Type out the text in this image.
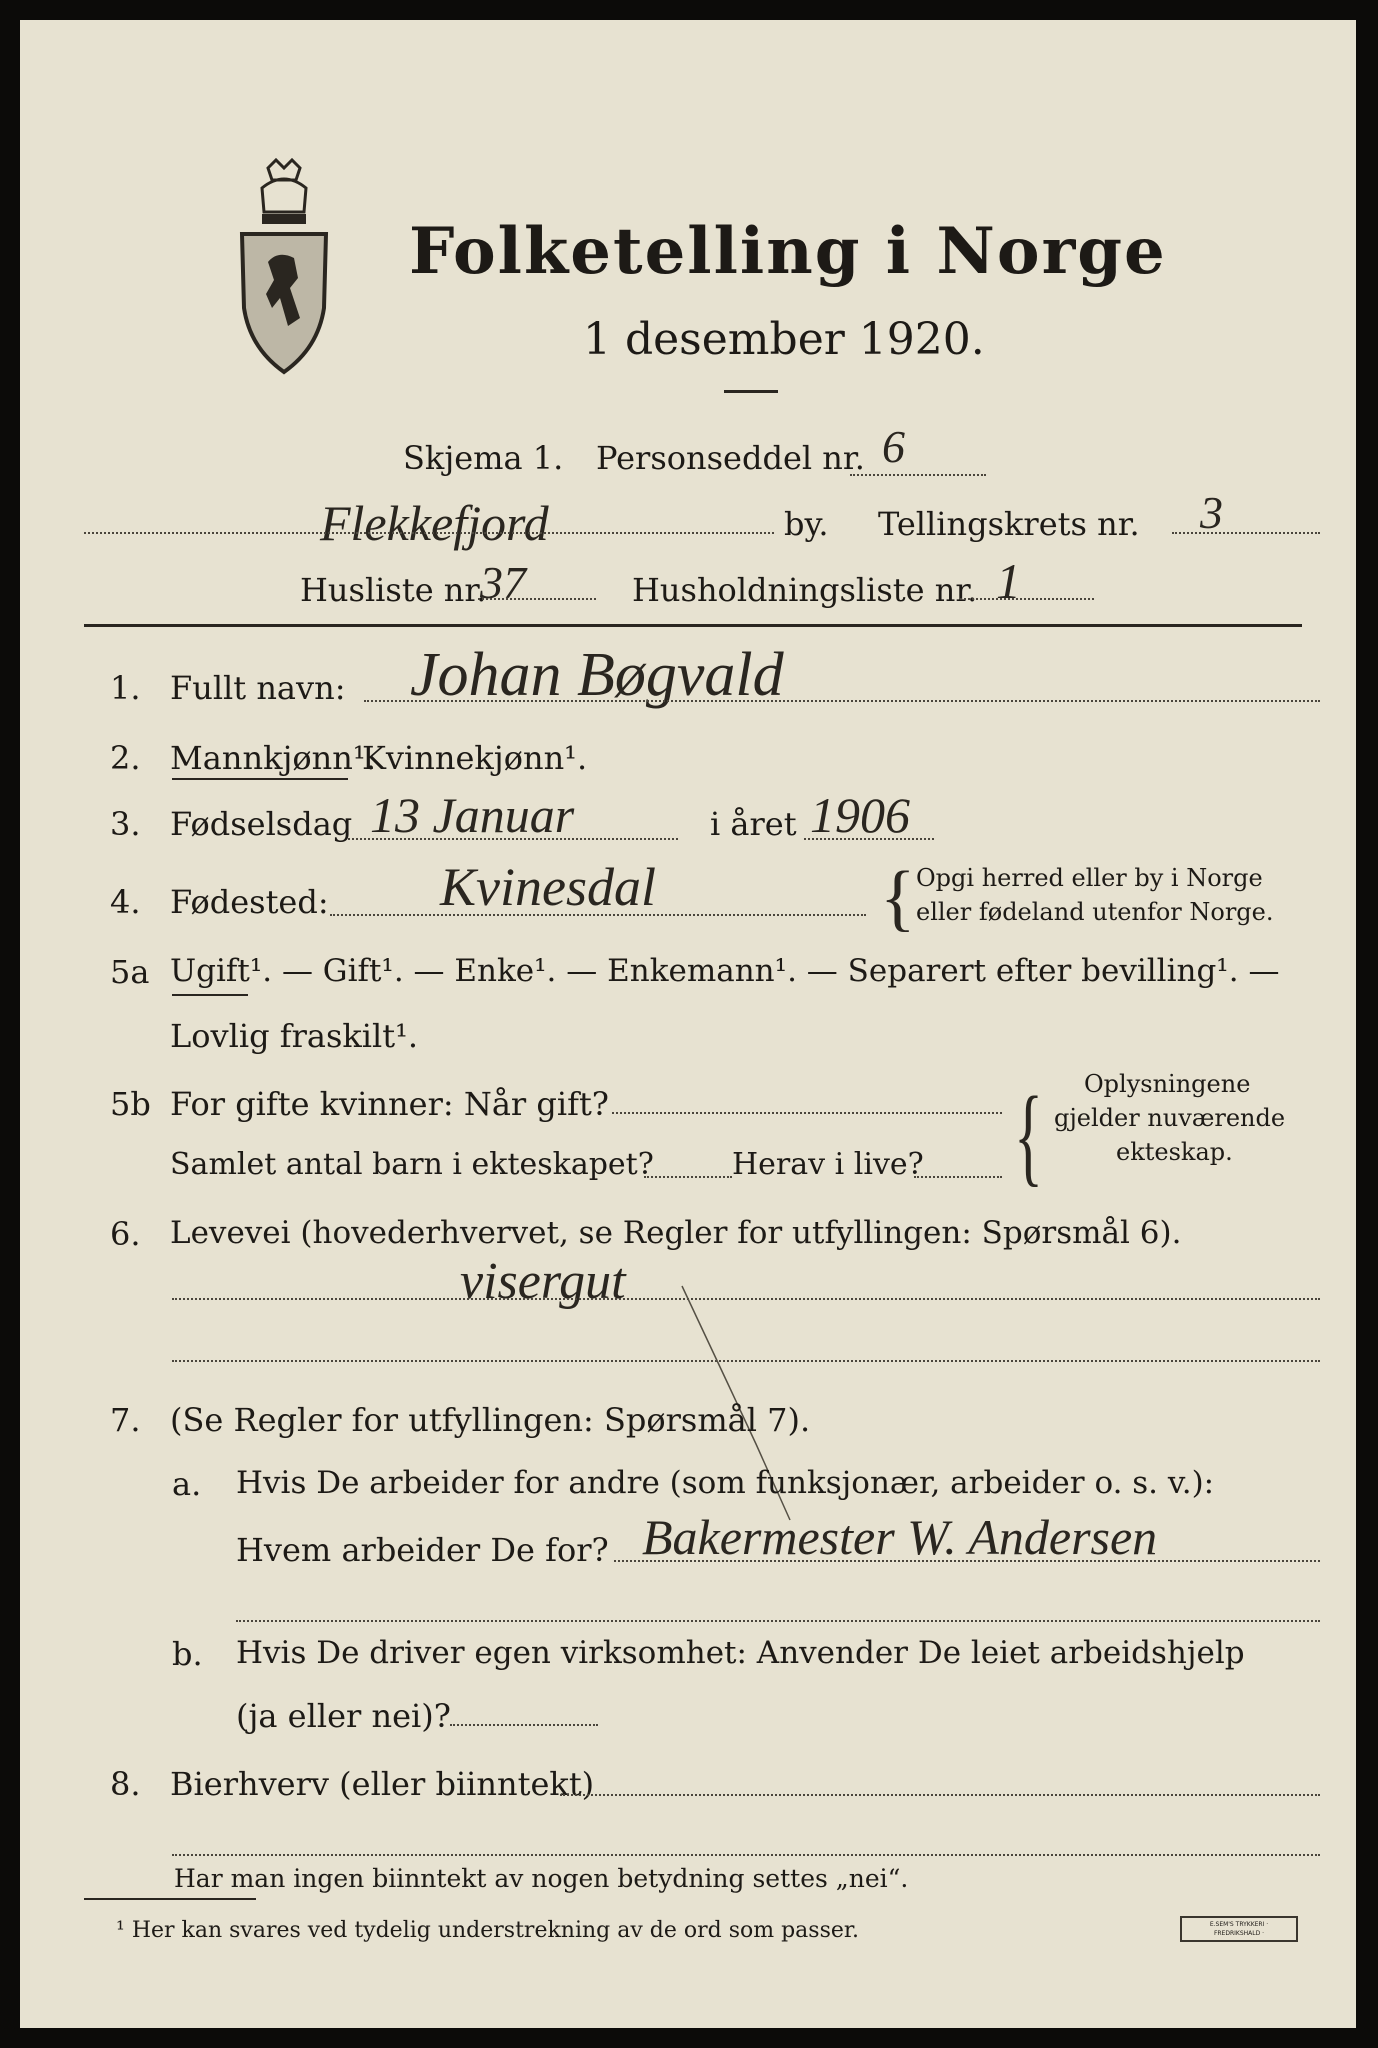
Folketelling i Norge
1 desember 1920.
Skjema 1. Personseddel nr. 6
Flekkefjord	by. Tellingskrets nr. 3
Husliste nr.
37	Husholdningsliste nr. 1
1. Fullt navn: Johan Bøgvald
2. Mannkjønn¹.
Kvinnekjønn¹.
3. Fødselsdag 13 Januar	i året 1906
4. Fødested: Kvinesdal	{ Opgi herred eller by i Norge
eller fødeland utenfor Norge.
5a Ugift¹. — Gift¹. — Enke¹. — Enkemann¹. — Separert efter bevilling¹. —
Lovlig fraskilt¹.
5b For gifte kvinner: Når gift?
Samlet antal barn i ekteskapet?	Herav i live? { Oplysningene
gjelder nuværende
ekteskap.
6. Levevei (hovederhvervet, se Regler for utfyllingen: Spørsmål 6).
visergut
7. (Se Regler for utfyllingen: Spørsmål 7).
a. Hvis De arbeider for andre (som funksjonær, arbeider o. s. v.):
Hvem arbeider De for? Bakermester W. Andersen
b. Hvis De driver egen virksomhet: Anvender De leiet arbeidshjelp
(ja eller nei)?
8. Bierhverv (eller biinntekt)
Har man ingen biinntekt av nogen betydning settes „nei“.
¹ Her kan svares ved tydelig understrekning av de ord som passer.	E.SEM'S TRYKKERI · FREDRIKSHALD ·
